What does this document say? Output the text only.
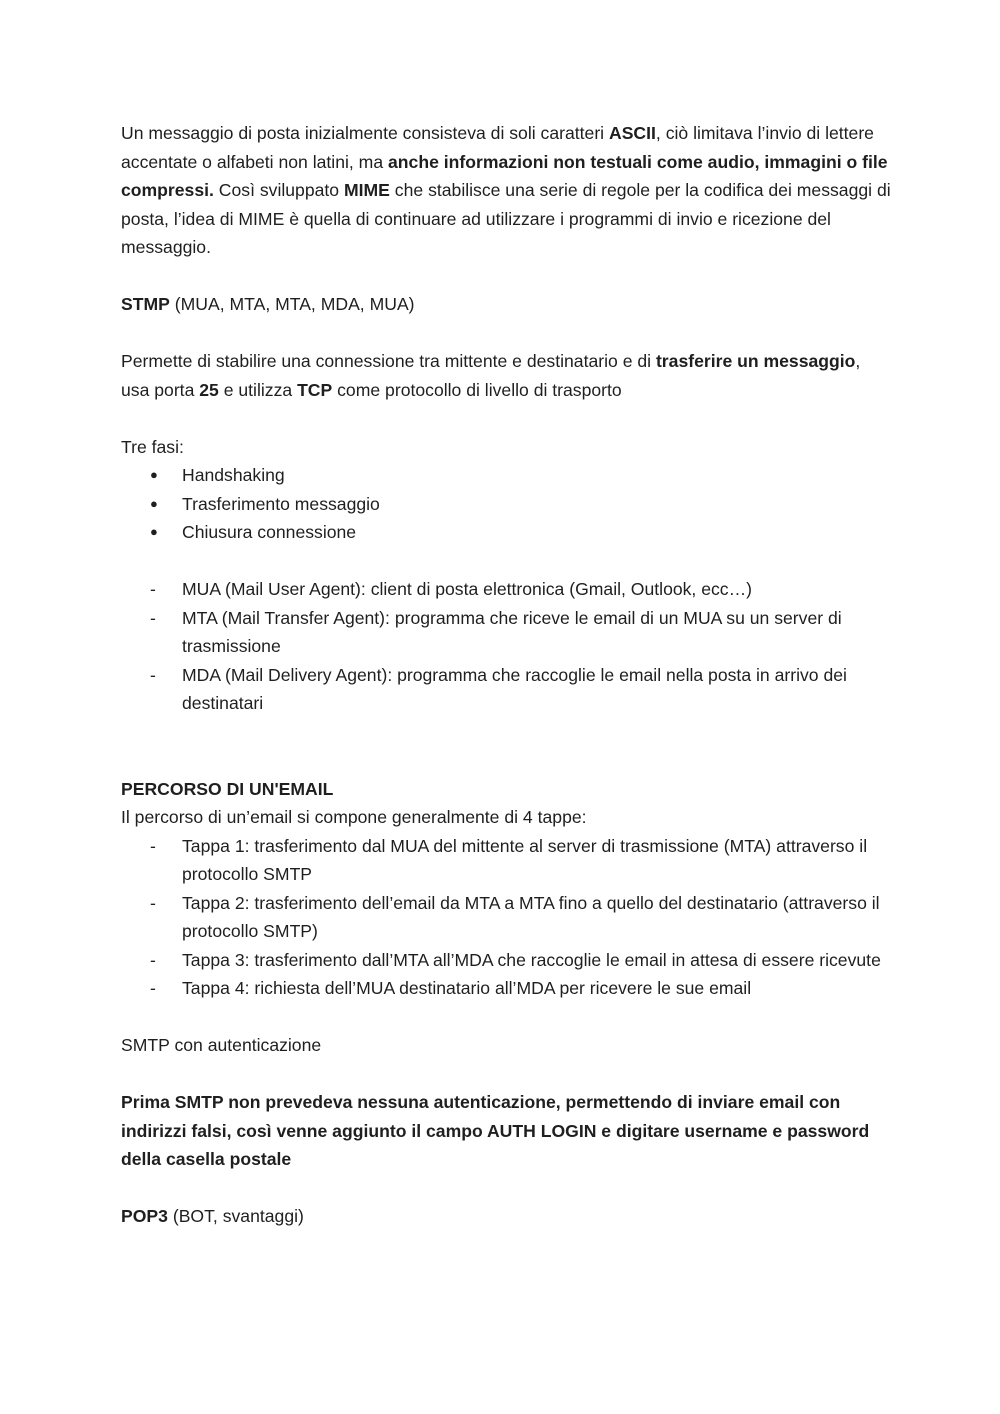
Un messaggio di posta inizialmente consisteva di soli caratteri ASCII, ciò limitava l’invio di lettere accentate o alfabeti non latini, ma anche informazioni non testuali come audio, immagini o file compressi. Così sviluppato MIME che stabilisce una serie di regole per la codifica dei messaggi di posta, l’idea di MIME è quella di continuare ad utilizzare i programmi di invio e ricezione del messaggio.

STMP (MUA, MTA, MTA, MDA, MUA)

Permette di stabilire una connessione tra mittente e destinatario e di trasferire un messaggio, usa porta 25 e utilizza TCP come protocollo di livello di trasporto

Tre fasi:

● Handshaking
● Trasferimento messaggio
● Chiusura connessione
- MUA (Mail User Agent): client di posta elettronica (Gmail, Outlook, ecc…)
- MTA (Mail Transfer Agent): programma che riceve le email di un MUA su un server di trasmissione
- MDA (Mail Delivery Agent): programma che raccoglie le email nella posta in arrivo dei destinatari

PERCORSO DI UN'EMAIL

Il percorso di un’email si compone generalmente di 4 tappe:

- Tappa 1: trasferimento dal MUA del mittente al server di trasmissione (MTA) attraverso il protocollo SMTP
- Tappa 2: trasferimento dell’email da MTA a MTA fino a quello del destinatario (attraverso il protocollo SMTP)
- Tappa 3: trasferimento dall’MTA all’MDA che raccoglie le email in attesa di essere ricevute
- Tappa 4: richiesta dell’MUA destinatario all’MDA per ricevere le sue email

SMTP con autenticazione

Prima SMTP non prevedeva nessuna autenticazione, permettendo di inviare email con indirizzi falsi, così venne aggiunto il campo AUTH LOGIN e digitare username e password della casella postale

POP3 (BOT, svantaggi)
